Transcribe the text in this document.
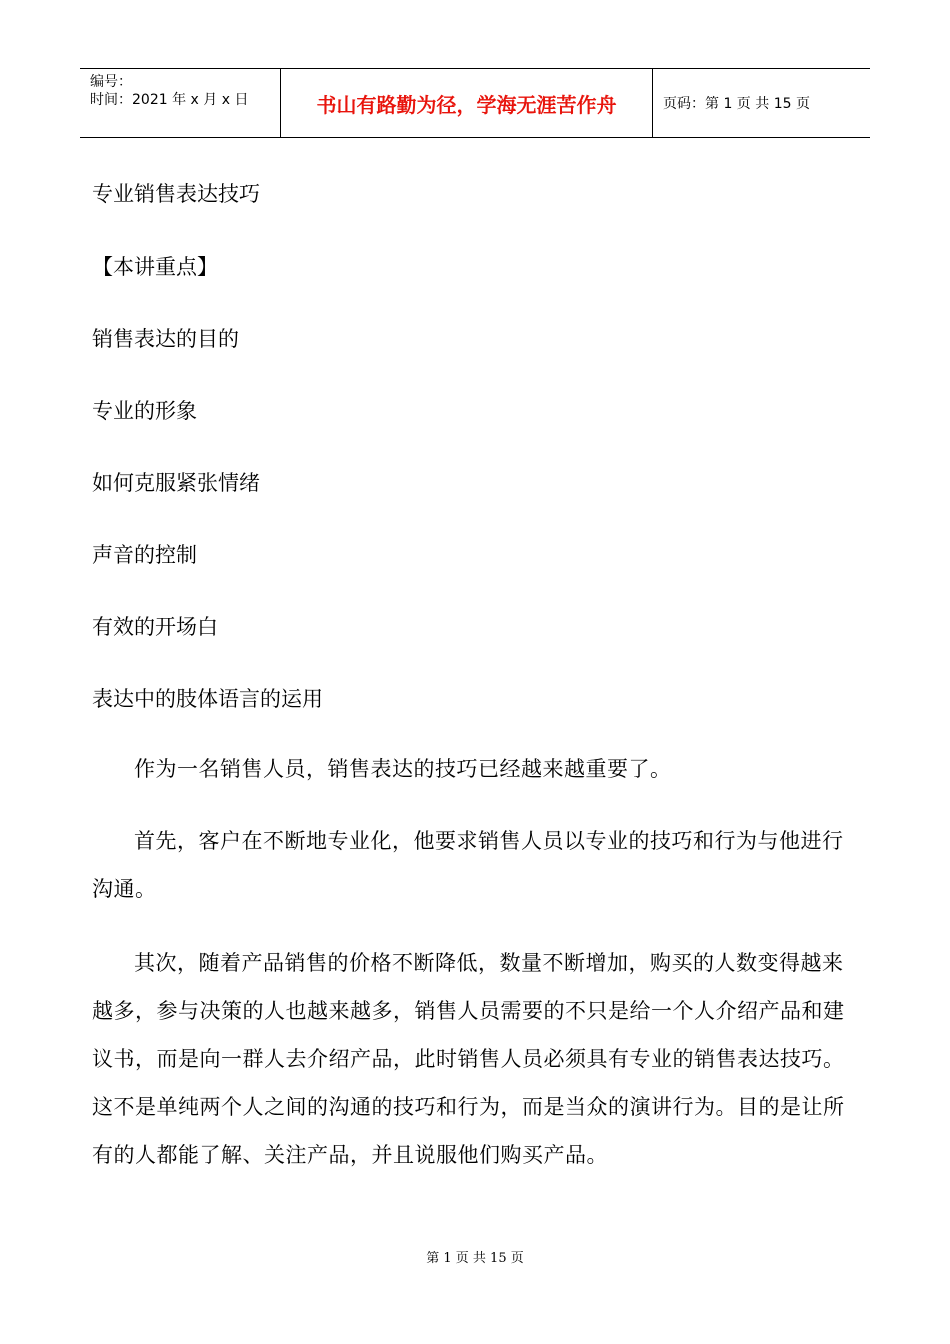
编号：
时间：2021 年 x 月 x 日	书山有路勤为径，学海无涯苦作舟	页码：第 1 页 共 15 页
专业销售表达技巧
【本讲重点】
销售表达的目的
专业的形象
如何克服紧张情绪
声音的控制
有效的开场白
表达中的肢体语言的运用
作为一名销售人员，销售表达的技巧已经越来越重要了。
首先，客户在不断地专业化，他要求销售人员以专业的技巧和行为与他进行沟通。
其次，随着产品销售的价格不断降低，数量不断增加，购买的人数变得越来越多，参与决策的人也越来越多，销售人员需要的不只是给一个人介绍产品和建议书，而是向一群人去介绍产品，此时销售人员必须具有专业的销售表达技巧。这不是单纯两个人之间的沟通的技巧和行为，而是当众的演讲行为。目的是让所有的人都能了解、关注产品，并且说服他们购买产品。
第 1 页 共 15 页
